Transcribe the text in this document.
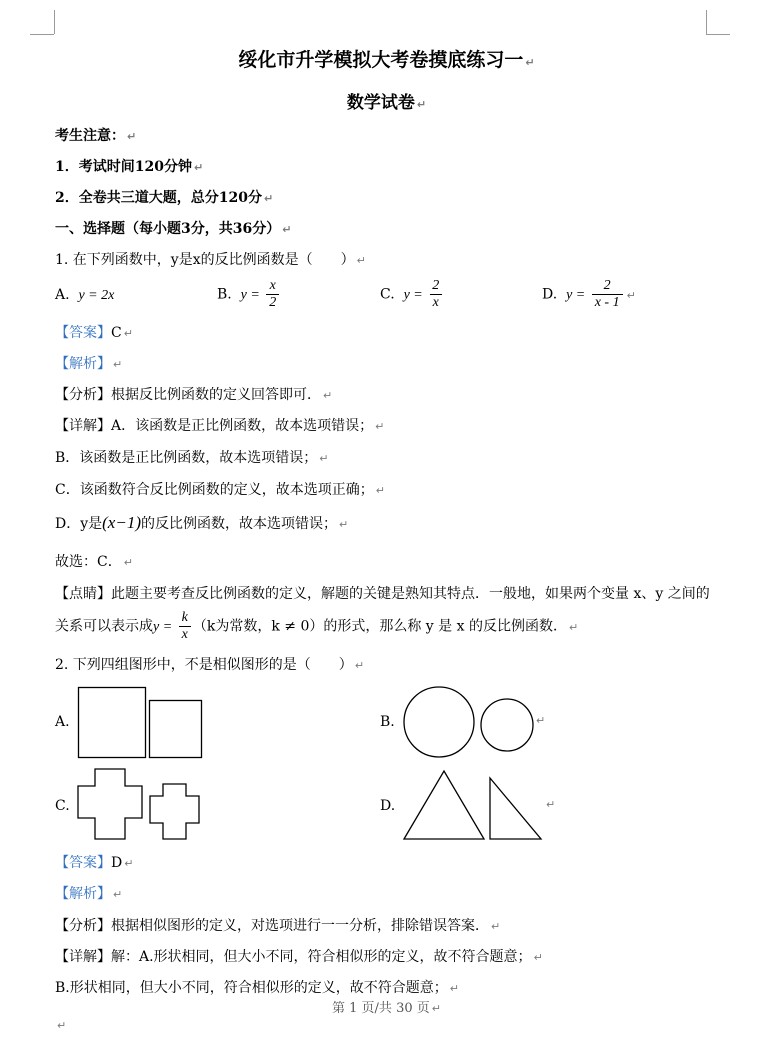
绥化市升学模拟大考卷摸底练习一 ↵
数学试卷 ↵
考生注意： ↵
1．考试时间120分钟 ↵
2．全卷共三道大题，总分120分 ↵
一、选择题（每小题3分，共36分） ↵
1. 在下列函数中，y是x的反比例函数是（　　） ↵
A. y = 2x	B. $y = \frac{x}{2}$	C. $y = \frac{2}{x}$	D. $y = \frac{2}{x - 1}$ ↵
【答案】C ↵
【解析】 ↵
【分析】根据反比例函数的定义回答即可． ↵
【详解】A．该函数是正比例函数，故本选项错误； ↵
B．该函数是正比例函数，故本选项错误； ↵
C．该函数符合反比例函数的定义，故本选项正确； ↵
D．y是(x−1)的反比例函数，故本选项错误； ↵
故选：C． ↵
【点睛】此题主要考查反比例函数的定义，解题的关键是熟知其特点．一般地，如果两个变量 x、y 之间的
关系可以表示成$y = \frac{k}{x} (k$为常数，k ≠ 0）的形式，那么称 y 是 x 的反比例函数． ↵
2. 下列四组图形中，不是相似图形的是（　　） ↵
A.	B.	↵
C.	D.	↵
【答案】D ↵
【解析】 ↵
【分析】根据相似图形的定义，对选项进行一一分析，排除错误答案． ↵
【详解】解：A.形状相同，但大小不同，符合相似形的定义，故不符合题意； ↵
B.形状相同，但大小不同，符合相似形的定义，故不符合题意； ↵
第 1 页/共 30 页 ↵
↵
